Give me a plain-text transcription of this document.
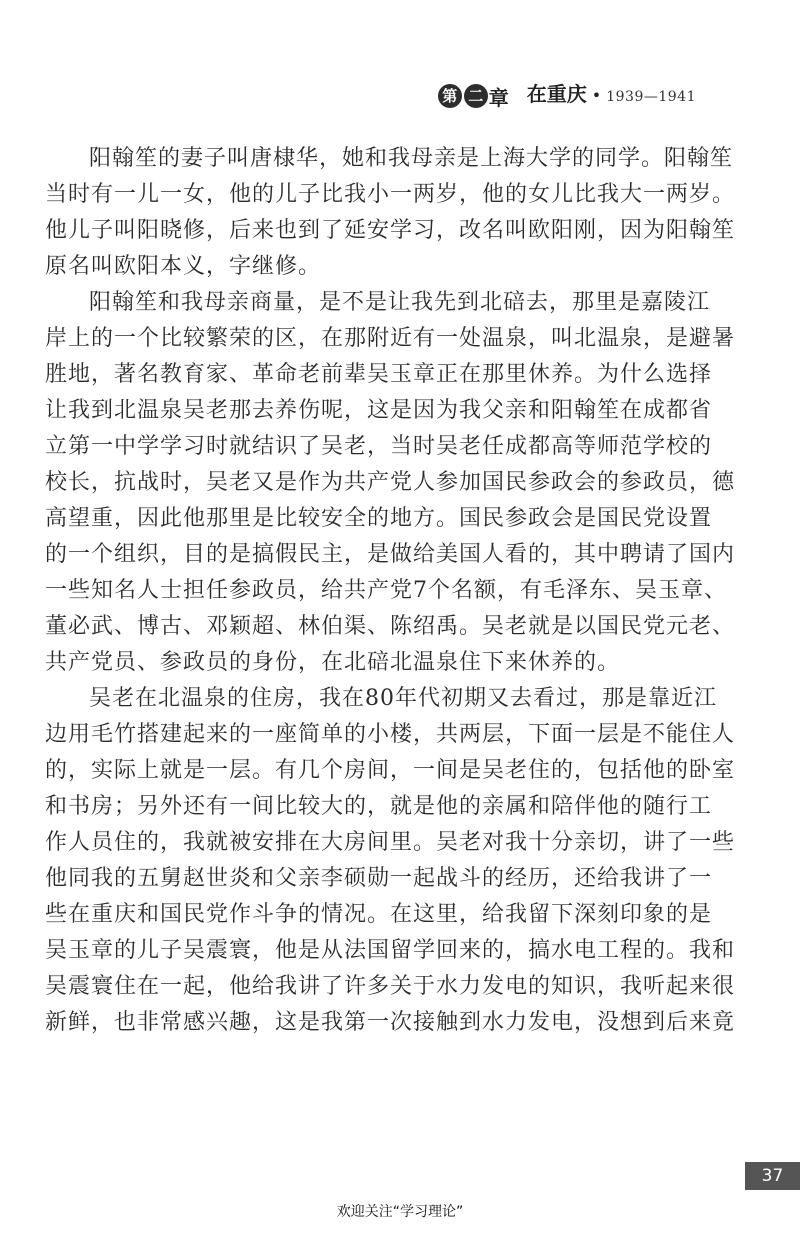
第 二 章 在重庆 • 1939—1941
阳翰笙的妻子叫唐棣华，她和我母亲是上海大学的同学。阳翰笙
当时有一儿一女，他的儿子比我小一两岁，他的女儿比我大一两岁。
他儿子叫阳晓修，后来也到了延安学习，改名叫欧阳刚，因为阳翰笙
原名叫欧阳本义，字继修。
阳翰笙和我母亲商量，是不是让我先到北碚去，那里是嘉陵江
岸上的一个比较繁荣的区，在那附近有一处温泉，叫北温泉，是避暑
胜地，著名教育家、革命老前辈吴玉章正在那里休养。为什么选择
让我到北温泉吴老那去养伤呢，这是因为我父亲和阳翰笙在成都省
立第一中学学习时就结识了吴老，当时吴老任成都高等师范学校的
校长，抗战时，吴老又是作为共产党人参加国民参政会的参政员，德
高望重，因此他那里是比较安全的地方。国民参政会是国民党设置
的一个组织，目的是搞假民主，是做给美国人看的，其中聘请了国内
一些知名人士担任参政员，给共产党7个名额，有毛泽东、吴玉章、
董必武、博古、邓颖超、林伯渠、陈绍禹。吴老就是以国民党元老、
共产党员、参政员的身份，在北碚北温泉住下来休养的。
吴老在北温泉的住房，我在80年代初期又去看过，那是靠近江
边用毛竹搭建起来的一座简单的小楼，共两层，下面一层是不能住人
的，实际上就是一层。有几个房间，一间是吴老住的，包括他的卧室
和书房；另外还有一间比较大的，就是他的亲属和陪伴他的随行工
作人员住的，我就被安排在大房间里。吴老对我十分亲切，讲了一些
他同我的五舅赵世炎和父亲李硕勋一起战斗的经历，还给我讲了一
些在重庆和国民党作斗争的情况。在这里，给我留下深刻印象的是
吴玉章的儿子吴震寰，他是从法国留学回来的，搞水电工程的。我和
吴震寰住在一起，他给我讲了许多关于水力发电的知识，我听起来很
新鲜，也非常感兴趣，这是我第一次接触到水力发电，没想到后来竟
37
欢迎关注“学习理论”
